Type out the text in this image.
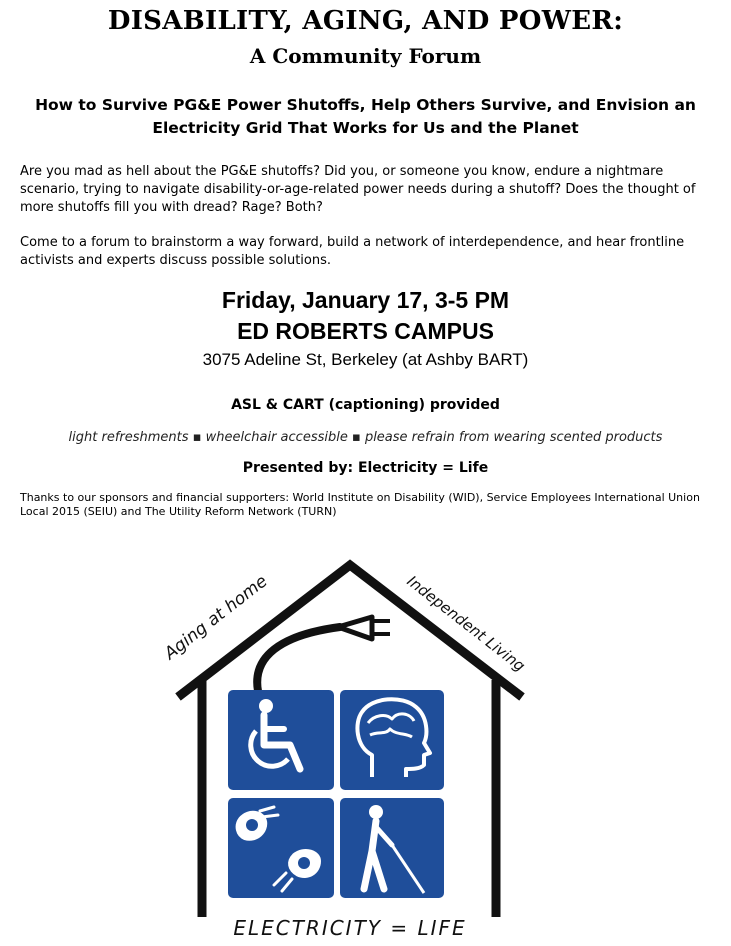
DISABILITY, AGING, AND POWER:
A Community Forum
How to Survive PG&E Power Shutoffs, Help Others Survive, and Envision an
Electricity Grid That Works for Us and the Planet
Are you mad as hell about the PG&E shutoffs? Did you, or someone you know, endure a nightmare scenario, trying to navigate disability-or-age-related power needs during a shutoff? Does the thought of more shutoffs fill you with dread? Rage? Both?
Come to a forum to brainstorm a way forward, build a network of interdependence, and hear frontline activists and experts discuss possible solutions.
Friday, January 17, 3-5 PM
ED ROBERTS CAMPUS
3075 Adeline St, Berkeley (at Ashby BART)
ASL & CART (captioning) provided
light refreshments ▪ wheelchair accessible ▪ please refrain from wearing scented products
Presented by: Electricity = Life
Thanks to our sponsors and financial supporters: World Institute on Disability (WID), Service Employees International Union Local 2015 (SEIU) and The Utility Reform Network (TURN)
Aging at home	Independent Living
ELECTRICITY = LIFE
